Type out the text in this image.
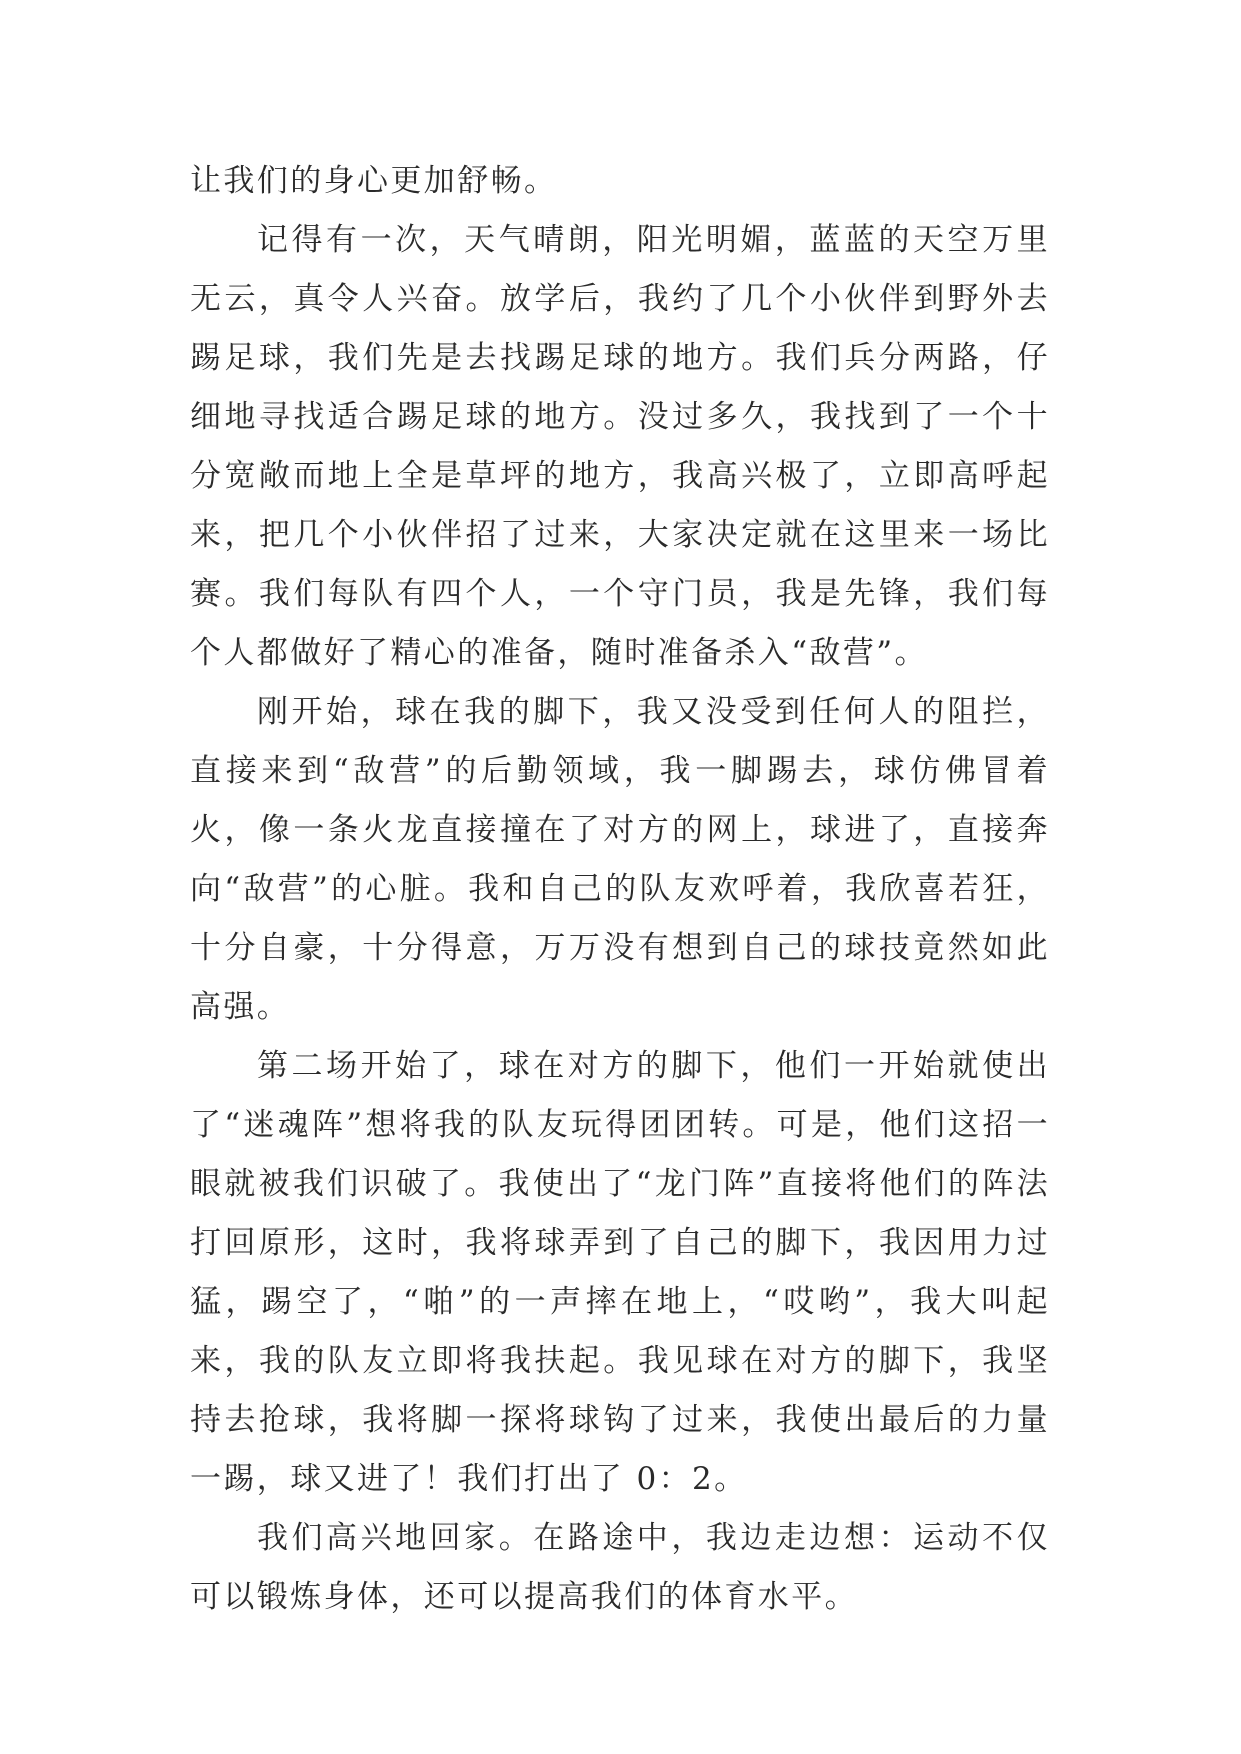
让我们的身心更加舒畅。

记得有一次，天气晴朗，阳光明媚，蓝蓝的天空万里无云，真令人兴奋。放学后，我约了几个小伙伴到野外去踢足球，我们先是去找踢足球的地方。我们兵分两路，仔细地寻找适合踢足球的地方。没过多久，我找到了一个十分宽敞而地上全是草坪的地方，我高兴极了，立即高呼起来，把几个小伙伴招了过来，大家决定就在这里来一场比赛。我们每队有四个人，一个守门员，我是先锋，我们每个人都做好了精心的准备，随时准备杀入“敌营”。

刚开始，球在我的脚下，我又没受到任何人的阻拦，直接来到“敌营”的后勤领域，我一脚踢去，球仿佛冒着火，像一条火龙直接撞在了对方的网上，球进了，直接奔向“敌营”的心脏。我和自己的队友欢呼着，我欣喜若狂，十分自豪，十分得意，万万没有想到自己的球技竟然如此高强。

第二场开始了，球在对方的脚下，他们一开始就使出了“迷魂阵”想将我的队友玩得团团转。可是，他们这招一眼就被我们识破了。我使出了“龙门阵”直接将他们的阵法打回原形，这时，我将球弄到了自己的脚下，我因用力过猛，踢空了，“啪”的一声摔在地上，“哎哟”，我大叫起来，我的队友立即将我扶起。我见球在对方的脚下，我坚持去抢球，我将脚一探将球钩了过来，我使出最后的力量一踢，球又进了！我们打出了 0：2。

我们高兴地回家。在路途中，我边走边想：运动不仅可以锻炼身体，还可以提高我们的体育水平。
